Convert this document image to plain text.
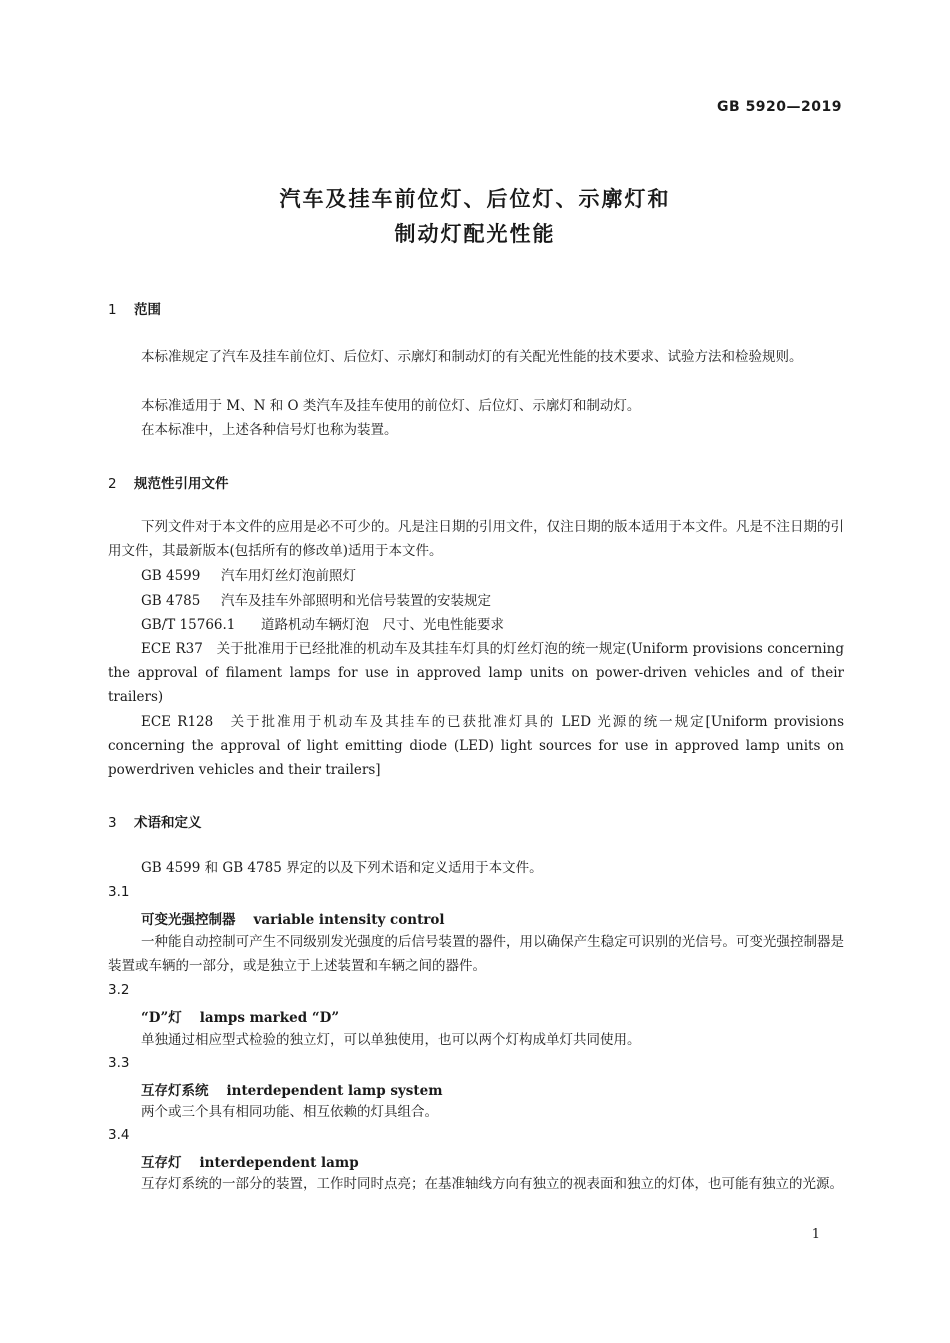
GB 5920—2019
汽车及挂车前位灯、后位灯、示廓灯和
制动灯配光性能
1 范围

本标准规定了汽车及挂车前位灯、后位灯、示廓灯和制动灯的有关配光性能的技术要求、试验方法和检验规则。

本标准适用于 M、N 和 O 类汽车及挂车使用的前位灯、后位灯、示廓灯和制动灯。

在本标准中，上述各种信号灯也称为装置。

2 规范性引用文件

下列文件对于本文件的应用是必不可少的。凡是注日期的引用文件，仅注日期的版本适用于本文件。凡是不注日期的引用文件，其最新版本(包括所有的修改单)适用于本文件。

GB 4599 汽车用灯丝灯泡前照灯
GB 4785 汽车及挂车外部照明和光信号装置的安装规定
GB/T 15766.1 道路机动车辆灯泡　尺寸、光电性能要求

ECE R37　关于批准用于已经批准的机动车及其挂车灯具的灯丝灯泡的统一规定(Uniform provisions concerning the approval of filament lamps for use in approved lamp units on power-driven vehicles and of their trailers)

ECE R128　关于批准用于机动车及其挂车的已获批准灯具的 LED 光源的统一规定[Uniform provisions concerning the approval of light emitting diode (LED) light sources for use in approved lamp units on powerdriven vehicles and their trailers]

3 术语和定义

GB 4599 和 GB 4785 界定的以及下列术语和定义适用于本文件。

3.1
可变光强控制器 variable intensity control

一种能自动控制可产生不同级别发光强度的后信号装置的器件，用以确保产生稳定可识别的光信号。可变光强控制器是装置或车辆的一部分，或是独立于上述装置和车辆之间的器件。

3.2
“D”灯 lamps marked “D”

单独通过相应型式检验的独立灯，可以单独使用，也可以两个灯构成单灯共同使用。

3.3
互存灯系统 interdependent lamp system

两个或三个具有相同功能、相互依赖的灯具组合。

3.4
互存灯 interdependent lamp

互存灯系统的一部分的装置，工作时同时点亮；在基准轴线方向有独立的视表面和独立的灯体，也可能有独立的光源。

1
